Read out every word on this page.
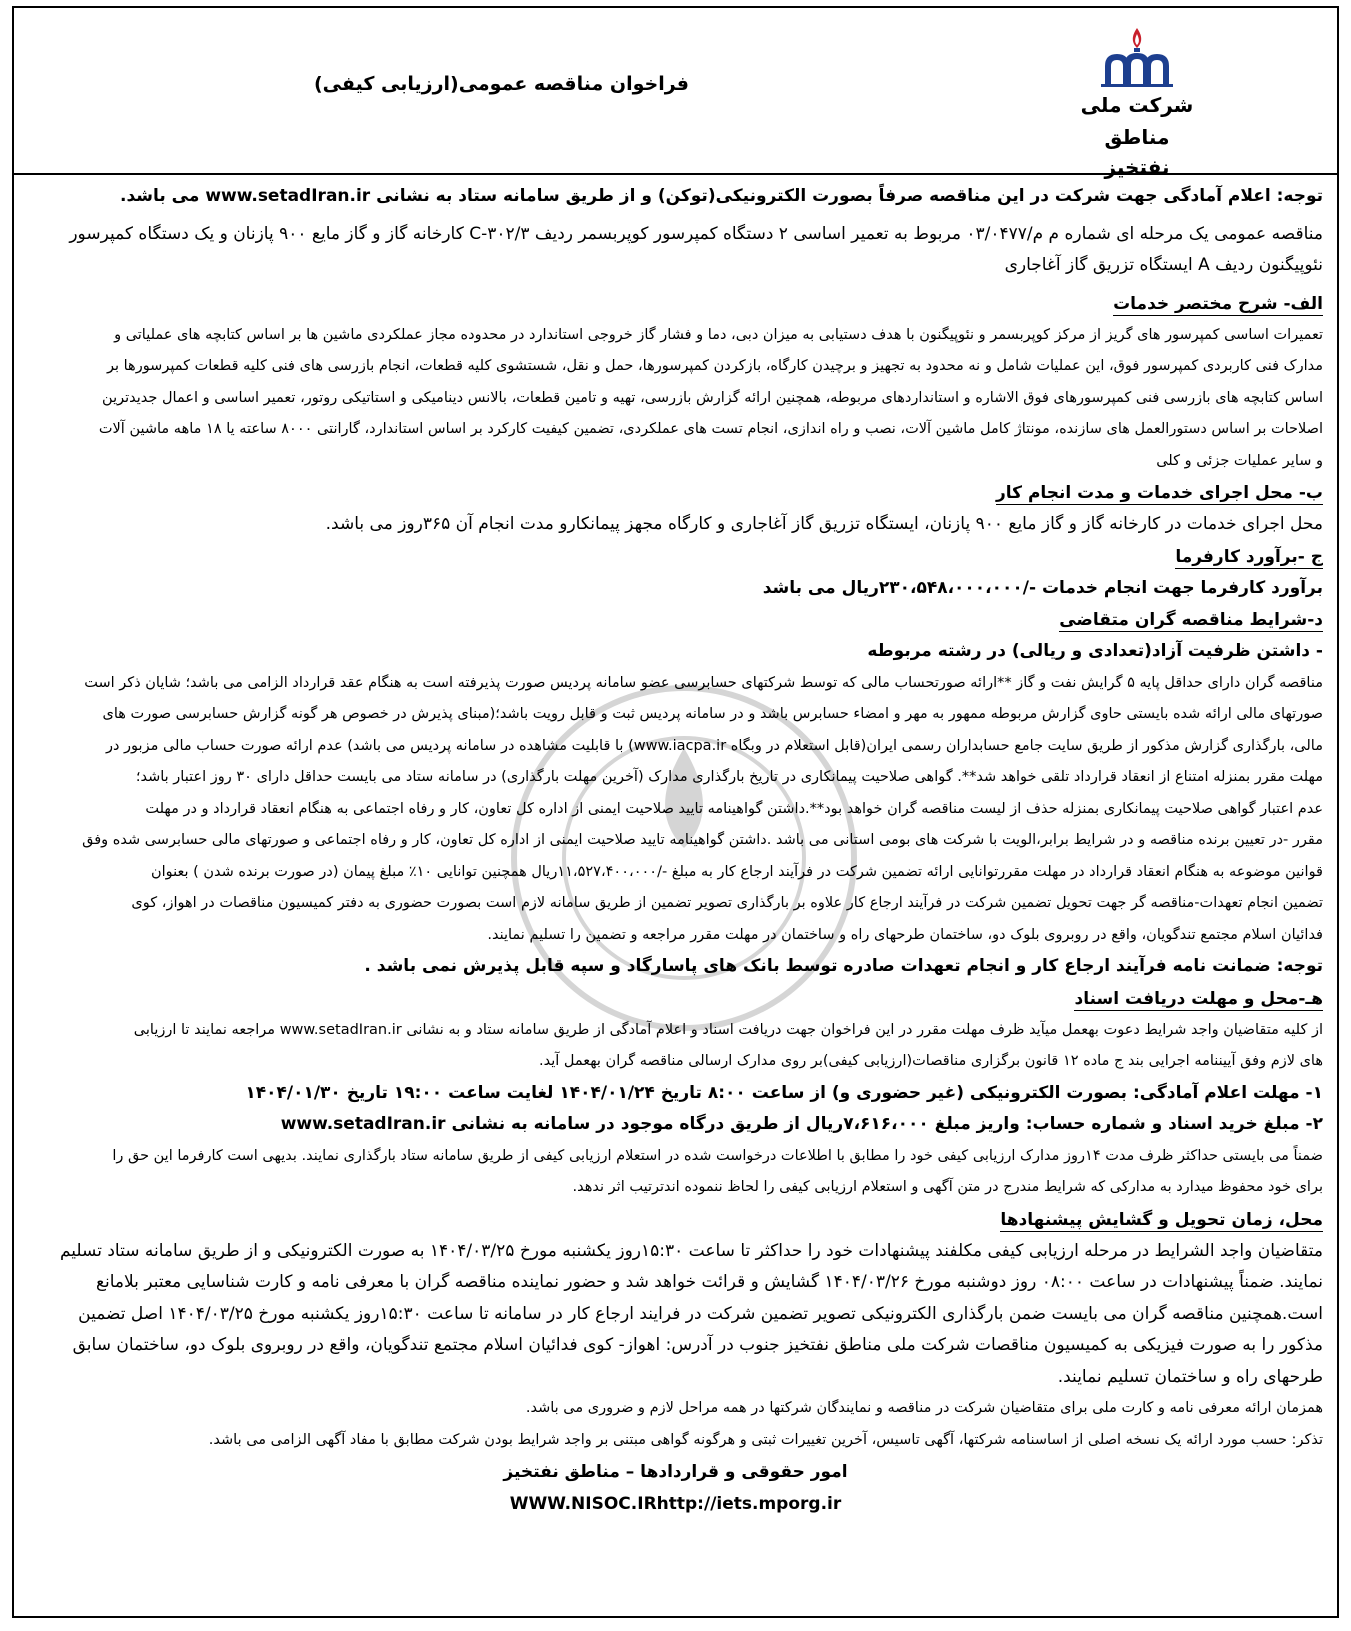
شرکت ملی
مناطق نفتخیز
فراخوان مناقصه عمومی(ارزیابی کیفی)
توجه: اعلام آمادگی جهت شرکت در این مناقصه صرفاً بصورت الکترونیکی(توکن) و از طریق سامانه ستاد به نشانی www.setadIran.ir می باشد.
مناقصه عمومی یک مرحله ای شماره م م/۰۳/۰۴۷۷ مربوط به تعمیر اساسی ۲ دستگاه کمپرسور کوپربسمر ردیف C-۳۰۲/۳ کارخانه گاز و گاز مایع ۹۰۰ پازنان و یک دستگاه کمپرسور
نئوپیگنون ردیف A ایستگاه تزریق گاز آغاجاری
الف- شرح مختصر خدمات
تعمیرات اساسی کمپرسور های گریز از مرکز کوپربسمر و نئوپیگنون با هدف دستیابی به میزان دبی، دما و فشار گاز خروجی استاندارد در محدوده مجاز عملکردی ماشین ها بر اساس کتابچه های عملیاتی و
مدارک فنی کاربردی کمپرسور فوق، این عملیات شامل و نه محدود به تجهیز و برچیدن کارگاه، بازکردن کمپرسورها، حمل و نقل، شستشوی کلیه قطعات، انجام بازرسی های فنی کلیه قطعات کمپرسورها بر
اساس کتابچه های بازرسی فنی کمپرسورهای فوق الاشاره و استانداردهای مربوطه، همچنین ارائه گزارش بازرسی، تهیه و تامین قطعات، بالانس دینامیکی و استاتیکی روتور، تعمیر اساسی و اعمال جدیدترین
اصلاحات بر اساس دستورالعمل های سازنده، مونتاژ کامل ماشین آلات، نصب و راه اندازی، انجام تست های عملکردی، تضمین کیفیت کارکرد بر اساس استاندارد، گارانتی ۸۰۰۰ ساعته یا ۱۸ ماهه ماشین آلات
و سایر عملیات جزئی و کلی
ب- محل اجرای خدمات و مدت انجام کار
محل اجرای خدمات در کارخانه گاز و گاز مایع ۹۰۰ پازنان، ایستگاه تزریق گاز آغاجاری و کارگاه مجهز پیمانکارو مدت انجام آن ۳۶۵روز می باشد.
ج -برآورد کارفرما
برآورد کارفرما جهت انجام خدمات -/۲۳۰،۵۴۸،۰۰۰،۰۰۰ریال می باشد
د-شرایط مناقصه گران متقاضی
- داشتن ظرفیت آزاد(تعدادی و ریالی) در رشته مربوطه
مناقصه گران دارای حداقل پایه ۵ گرایش نفت و گاز **ارائه صورتحساب مالی که توسط شرکتهای حسابرسی عضو سامانه پردیس صورت پذیرفته است به هنگام عقد قرارداد الزامی می باشد؛ شایان ذکر است
صورتهای مالی ارائه شده بایستی حاوی گزارش مربوطه ممهور به مهر و امضاء حسابرس باشد و در سامانه پردیس ثبت و قابل رویت باشد؛(مبنای پذیرش در خصوص هر گونه گزارش حسابرسی صورت های
مالی، بارگذاری گزارش مذکور از طریق سایت جامع حسابداران رسمی ایران(قابل استعلام در وبگاه www.iacpa.ir) با قابلیت مشاهده در سامانه پردیس می باشد) عدم ارائه صورت حساب مالی مزبور در
مهلت مقرر بمنزله امتناع از انعقاد قرارداد تلقی خواهد شد**. گواهی صلاحیت پیمانکاری در تاریخ بارگذاری مدارک (آخرین مهلت بارگذاری) در سامانه ستاد می بایست حداقل دارای ۳۰ روز اعتبار باشد؛
عدم اعتبار گواهی صلاحیت پیمانکاری بمنزله حذف از لیست مناقصه گران خواهد بود**.داشتن گواهینامه تایید صلاحیت ایمنی از اداره کل تعاون، کار و رفاه اجتماعی به هنگام انعقاد قرارداد و در مهلت
مقرر -در تعیین برنده مناقصه و در شرایط برابر،الویت با شرکت های بومی استانی می باشد .داشتن گواهینامه تایید صلاحیت ایمنی از اداره کل تعاون، کار و رفاه اجتماعی و صورتهای مالی حسابرسی شده وفق
قوانین موضوعه به هنگام انعقاد قرارداد در مهلت مقررتوانایی ارائه تضمین شرکت در فرآیند ارجاع کار به مبلغ -/۱۱،۵۲۷،۴۰۰،۰۰۰ریال همچنین توانایی ۱۰٪ مبلغ پیمان (در صورت برنده شدن ) بعنوان
تضمین انجام تعهدات-مناقصه گر جهت تحویل تضمین شرکت در فرآیند ارجاع کار علاوه بر بارگذاری تصویر تضمین از طریق سامانه لازم است بصورت حضوری به دفتر کمیسیون مناقصات در اهواز، کوی
فدائیان اسلام مجتمع تندگویان، واقع در روبروی بلوک دو، ساختمان طرحهای راه و ساختمان در مهلت مقرر مراجعه و تضمین را تسلیم نمایند.
توجه: ضمانت نامه فرآیند ارجاع کار و انجام تعهدات صادره توسط بانک های پاسارگاد و سپه قابل پذیرش نمی باشد .
هـ-محل و مهلت دریافت اسناد
از کلیه متقاضیان واجد شرایط دعوت بهعمل میآید ظرف مهلت مقرر در این فراخوان جهت دریافت اسناد و اعلام آمادگی از طریق سامانه ستاد و به نشانی www.setadIran.ir مراجعه نمایند تا ارزیابی
های لازم وفق آییننامه اجرایی بند ج ماده ۱۲ قانون برگزاری مناقصات(ارزیابی کیفی)بر روی مدارک ارسالی مناقصه گران بهعمل آید.
۱- مهلت اعلام آمادگی: بصورت الکترونیکی (غیر حضوری و) از ساعت ۸:۰۰ تاریخ ۱۴۰۴/۰۱/۲۴ لغایت ساعت ۱۹:۰۰ تاریخ ۱۴۰۴/۰۱/۳۰
۲- مبلغ خرید اسناد و شماره حساب: واریز مبلغ ۷،۶۱۶،۰۰۰ریال از طریق درگاه موجود در سامانه به نشانی www.setadIran.ir
ضمناً می بایستی حداکثر ظرف مدت ۱۴روز مدارک ارزیابی کیفی خود را مطابق با اطلاعات درخواست شده در استعلام ارزیابی کیفی از طریق سامانه ستاد بارگذاری نمایند. بدیهی است کارفرما این حق را
برای خود محفوظ میدارد به مدارکی که شرایط مندرج در متن آگهی و استعلام ارزیابی کیفی را لحاظ ننموده اندترتیب اثر ندهد.
محل، زمان تحویل و گشایش پیشنهادها
متقاضیان واجد الشرایط در مرحله ارزیابی کیفی مکلفند پیشنهادات خود را حداکثر تا ساعت ۱۵:۳۰روز یکشنبه مورخ ۱۴۰۴/۰۳/۲۵ به صورت الکترونیکی و از طریق سامانه ستاد تسلیم
نمایند. ضمناً پیشنهادات در ساعت ۰۸:۰۰ روز دوشنبه مورخ ۱۴۰۴/۰۳/۲۶ گشایش و قرائت خواهد شد و حضور نماینده مناقصه گران با معرفی نامه و کارت شناسایی معتبر بلامانع
است.همچنین مناقصه گران می بایست ضمن بارگذاری الکترونیکی تصویر تضمین شرکت در فرایند ارجاع کار در سامانه تا ساعت ۱۵:۳۰روز یکشنبه مورخ ۱۴۰۴/۰۳/۲۵ اصل تضمین
مذکور را به صورت فیزیکی به کمیسیون مناقصات شرکت ملی مناطق نفتخیز جنوب در آدرس: اهواز- کوی فدائیان اسلام مجتمع تندگویان، واقع در روبروی بلوک دو، ساختمان سابق
طرحهای راه و ساختمان تسلیم نمایند.
همزمان ارائه معرفی نامه و کارت ملی برای متقاضیان شرکت در مناقصه و نمایندگان شرکتها در همه مراحل لازم و ضروری می باشد.
تذکر: حسب مورد ارائه یک نسخه اصلی از اساسنامه شرکتها، آگهی تاسیس، آخرین تغییرات ثبتی و هرگونه گواهی مبتنی بر واجد شرایط بودن شرکت مطابق با مفاد آگهی الزامی می باشد.
امور حقوقی و قراردادها – مناطق نفتخیز
WWW.NISOC.IRhttp://iets.mporg.ir
